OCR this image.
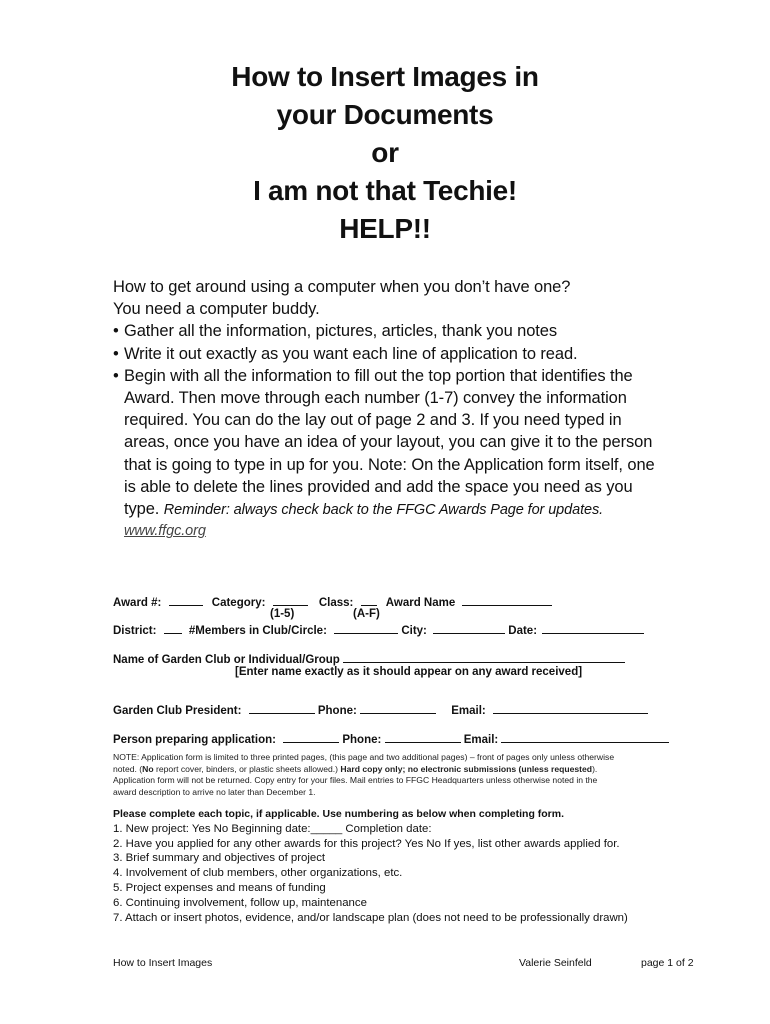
How to Insert Images in
your Documents
or
I am not that Techie!
HELP!!
How to get around using a computer when you don’t have one?
You need a computer buddy.
• Gather all the information, pictures, articles, thank you notes
• Write it out exactly as you want each line of application to read.
• Begin with all the information to fill out the top portion that identifies the
Award. Then move through each number (1-7) convey the information
required. You can do the lay out of page 2 and 3. If you need typed in
areas, once you have an idea of your layout, you can give it to the person
that is going to type in up for you. Note: On the Application form itself, one
is able to delete the lines provided and add the space you need as you
type. Reminder: always check back to the FFGC Awards Page for updates.
www.ffgc.org
Award #:	Category:	Class:	Award Name
(1-5)	(A-F)
District:	#Members in Club/Circle:	City:	Date:
Name of Garden Club or Individual/Group
[Enter name exactly as it should appear on any award received]
Garden Club President:	Phone:	Email:
Person preparing application:	Phone:	Email:
NOTE: Application form is limited to three printed pages, (this page and two additional pages) – front of pages only unless otherwise
noted. (No report cover, binders, or plastic sheets allowed.) Hard copy only; no electronic submissions (unless requested).
Application form will not be returned. Copy entry for your files. Mail entries to FFGC Headquarters unless otherwise noted in the
award description to arrive no later than December 1.
Please complete each topic, if applicable. Use numbering as below when completing form.
1. New project: Yes No Beginning date:_____ Completion date:
2. Have you applied for any other awards for this project? Yes No If yes, list other awards applied for.
3. Brief summary and objectives of project
4. Involvement of club members, other organizations, etc.
5. Project expenses and means of funding
6. Continuing involvement, follow up, maintenance
7. Attach or insert photos, evidence, and/or landscape plan (does not need to be professionally drawn)
How to Insert Images	Valerie Seinfeld	page 1 of 2
